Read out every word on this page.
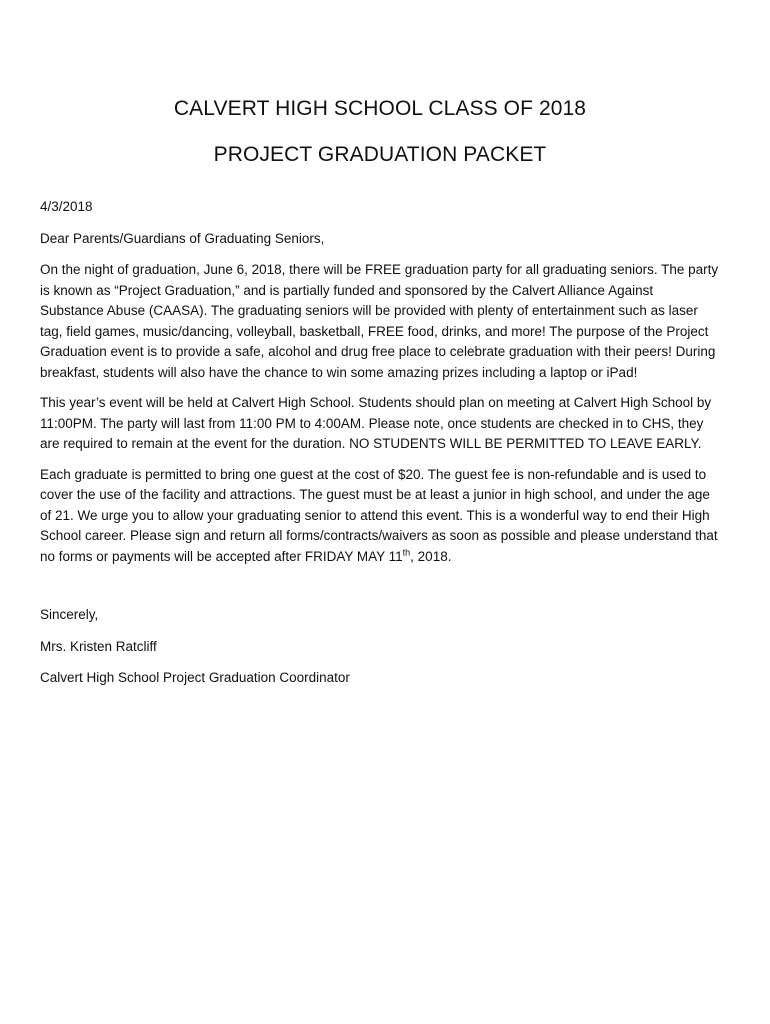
CALVERT HIGH SCHOOL CLASS OF 2018
PROJECT GRADUATION PACKET

4/3/2018

Dear Parents/Guardians of Graduating Seniors,

On the night of graduation, June 6, 2018, there will be FREE graduation party for all graduating seniors. The party is known as “Project Graduation,” and is partially funded and sponsored by the Calvert Alliance Against Substance Abuse (CAASA). The graduating seniors will be provided with plenty of entertainment such as laser tag, field games, music/dancing, volleyball, basketball, FREE food, drinks, and more! The purpose of the Project Graduation event is to provide a safe, alcohol and drug free place to celebrate graduation with their peers! During breakfast, students will also have the chance to win some amazing prizes including a laptop or iPad!

This year’s event will be held at Calvert High School. Students should plan on meeting at Calvert High School by 11:00PM. The party will last from 11:00 PM to 4:00AM. Please note, once students are checked in to CHS, they are required to remain at the event for the duration. NO STUDENTS WILL BE PERMITTED TO LEAVE EARLY.

Each graduate is permitted to bring one guest at the cost of $20. The guest fee is non-refundable and is used to cover the use of the facility and attractions. The guest must be at least a junior in high school, and under the age of 21. We urge you to allow your graduating senior to attend this event. This is a wonderful way to end their High School career. Please sign and return all forms/contracts/waivers as soon as possible and please understand that no forms or payments will be accepted after FRIDAY MAY 11th, 2018.

Sincerely,

Mrs. Kristen Ratcliff

Calvert High School Project Graduation Coordinator
